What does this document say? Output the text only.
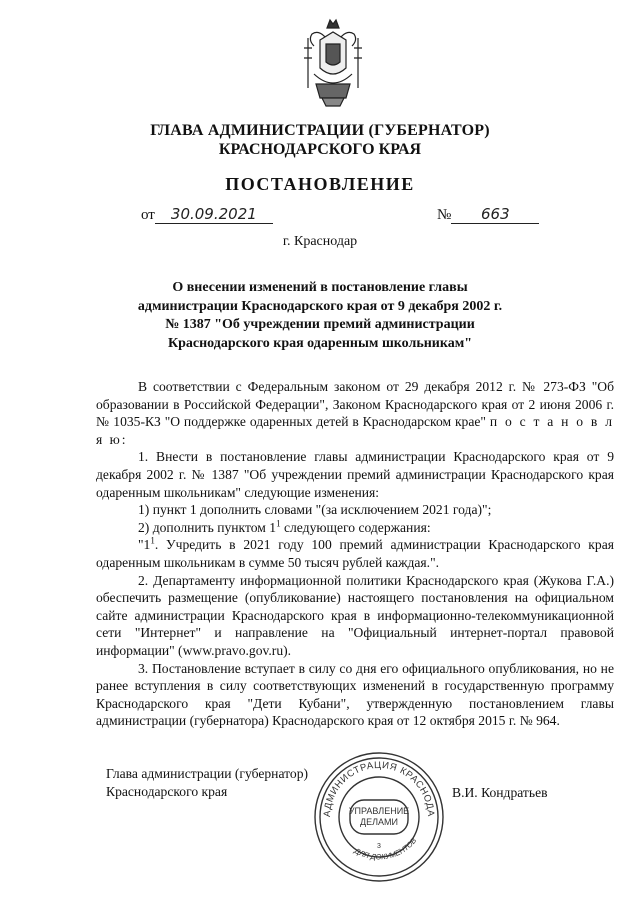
ГЛАВА АДМИНИСТРАЦИИ (ГУБЕРНАТОР)
КРАСНОДАРСКОГО КРАЯ
ПОСТАНОВЛЕНИЕ
от 30.09.2021	№ 663
г. Краснодар
О внесении изменений в постановление главы
администрации Краснодарского края от 9 декабря 2002 г.
№ 1387 "Об учреждении премий администрации
Краснодарского края одаренным школьникам"

В соответствии с Федеральным законом от 29 декабря 2012 г. № 273-ФЗ "Об образовании в Российской Федерации", Законом Краснодарского края от 2 июня 2006 г. № 1035-КЗ "О поддержке одаренных детей в Краснодарском крае" п о с т а н о в л я ю:

1. Внести в постановление главы администрации Краснодарского края от 9 декабря 2002 г. № 1387 "Об учреждении премий администрации Краснодарского края одаренным школьникам" следующие изменения:

1) пункт 1 дополнить словами "(за исключением 2021 года)";

2) дополнить пунктом $1^1$ следующего содержания:

"$1^1$. Учредить в 2021 году 100 премий администрации Краснодарского края одаренным школьникам в сумме 50 тысяч рублей каждая.".

2. Департаменту информационной политики Краснодарского края (Жукова Г.А.) обеспечить размещение (опубликование) настоящего постановления на официальном сайте администрации Краснодарского края в информационно-телекоммуникационной сети "Интернет" и направление на "Официальный интернет-портал правовой информации" (www.pravo.gov.ru).

3. Постановление вступает в силу со дня его официального опубликования, но не ранее вступления в силу соответствующих изменений в государственную программу Краснодарского края "Дети Кубани", утвержденную постановлением главы администрации (губернатора) Краснодарского края от 12 октября 2015 г. № 964.

Глава администрации (губернатор)
Краснодарского края	В.И. Кондратьев
АДМИНИСТРАЦИЯ КРАСНОДА
ДЛЯ ДОКУМЕНТОВ
УПРАВЛЕНИЕ
ДЕЛАМИ
3
